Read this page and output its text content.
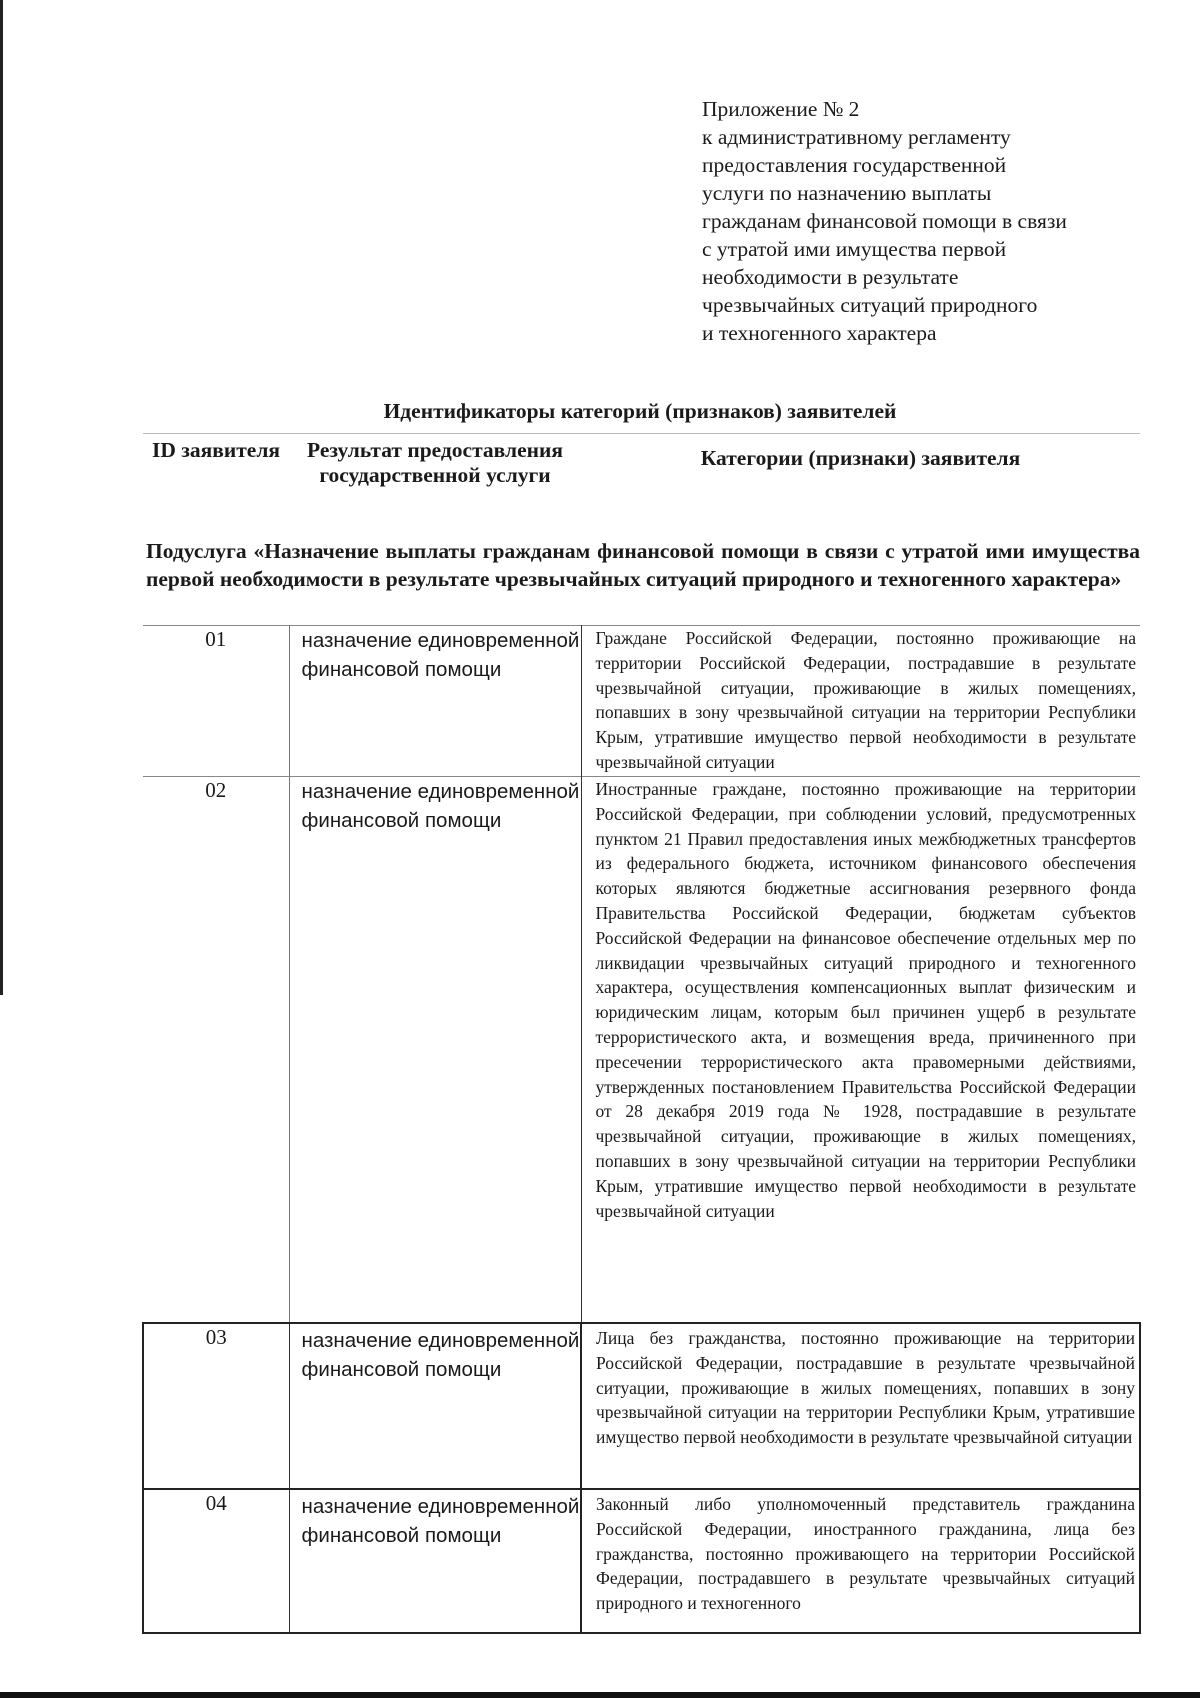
Приложение № 2
к административному регламенту
предоставления государственной
услуги по назначению выплаты
гражданам финансовой помощи в связи
с утратой ими имущества первой
необходимости в результате
чрезвычайных ситуаций природного
и техногенного характера
Идентификаторы категорий (признаков) заявителей
ID заявителя	Результат предоставления государственной услуги	Категории (признаки) заявителя
Подуслуга «Назначение выплаты гражданам финансовой помощи в связи с утратой ими имущества первой необходимости в результате чрезвычайных ситуаций природного и техногенного характера»		
01	назначение единовременной финансовой помощи	Граждане Российской Федерации, постоянно проживающие на территории Российской Федерации, пострадавшие в результате чрезвычайной ситуации, проживающие в жилых помещениях, попавших в зону чрезвычайной ситуации на территории Республики Крым, утратившие имущество первой необходимости в результате чрезвычайной ситуации
02	назначение единовременной финансовой помощи	Иностранные граждане, постоянно проживающие на территории Российской Федерации, при соблюдении условий, предусмотренных пунктом 21 Правил предоставления иных межбюджетных трансфертов из федерального бюджета, источником финансового обеспечения которых являются бюджетные ассигнования резервного фонда Правительства Российской Федерации, бюджетам субъектов Российской Федерации на финансовое обеспечение отдельных мер по ликвидации чрезвычайных ситуаций природного и техногенного характера, осуществления компенсационных выплат физическим и юридическим лицам, которым был причинен ущерб в результате террористического акта, и возмещения вреда, причиненного при пресечении террористического акта правомерными действиями, утвержденных постановлением Правительства Российской Федерации от 28 декабря 2019 года № 1928, пострадавшие в результате чрезвычайной ситуации, проживающие в жилых помещениях, попавших в зону чрезвычайной ситуации на территории Республики Крым, утратившие имущество первой необходимости в результате чрезвычайной ситуации
03	назначение единовременной финансовой помощи	Лица без гражданства, постоянно проживающие на территории Российской Федерации, пострадавшие в результате чрезвычайной ситуации, проживающие в жилых помещениях, попавших в зону чрезвычайной ситуации на территории Республики Крым, утратившие имущество первой необходимости в результате чрезвычайной ситуации
04	назначение единовременной финансовой помощи	Законный либо уполномоченный представитель гражданина Российской Федерации, иностранного гражданина, лица без гражданства, постоянно проживающего на территории Российской Федерации, пострадавшего в результате чрезвычайных ситуаций природного и техногенного
